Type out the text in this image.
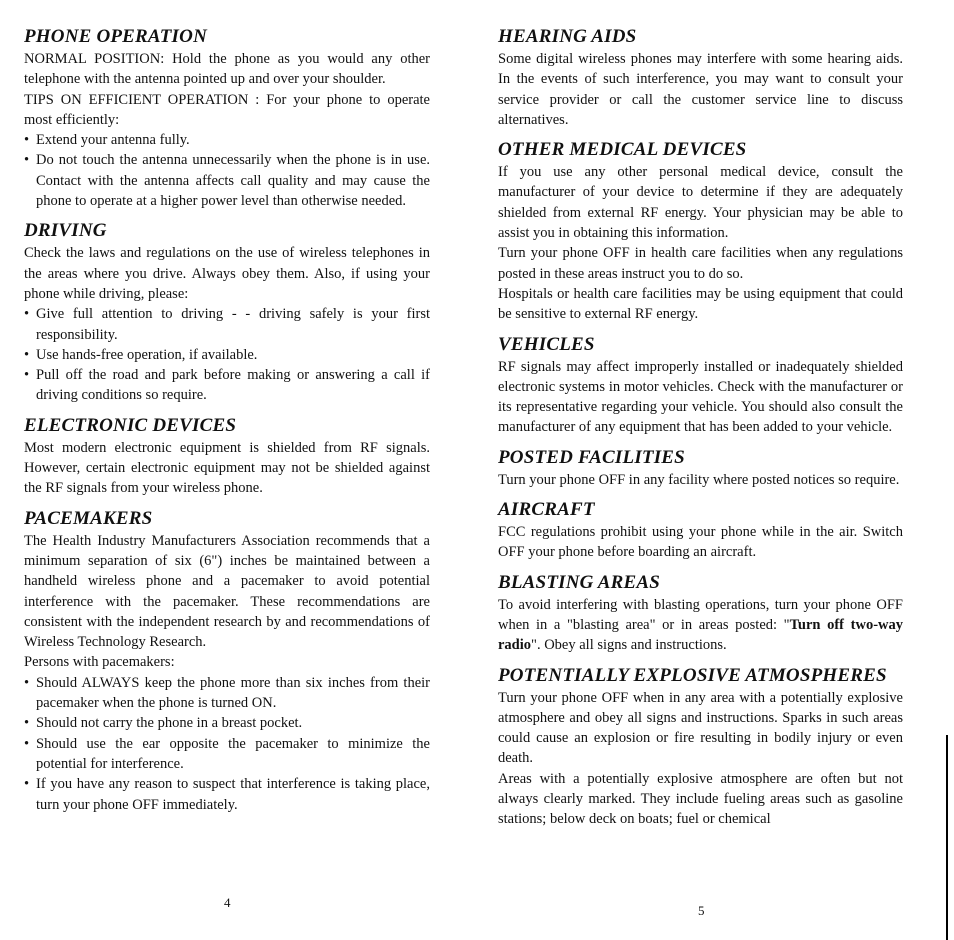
PHONE OPERATION

NORMAL POSITION: Hold the phone as you would any other telephone with the antenna pointed up and over your shoulder.

TIPS ON EFFICIENT OPERATION : For your phone to operate most efficiently:

• Extend your antenna fully.
• Do not touch the antenna unnecessarily when the phone is in use. Contact with the antenna affects call quality and may cause the phone to operate at a higher power level than otherwise needed.
DRIVING

Check the laws and regulations on the use of wireless telephones in the areas where you drive. Always obey them. Also, if using your phone while driving, please:

• Give full attention to driving - - driving safely is your first responsibility.
• Use hands-free operation, if available.
• Pull off the road and park before making or answering a call if driving conditions so require.
ELECTRONIC DEVICES

Most modern electronic equipment is shielded from RF signals. However, certain electronic equipment may not be shielded against the RF signals from your wireless phone.

PACEMAKERS

The Health Industry Manufacturers Association recommends that a minimum separation of six (6") inches be maintained between a handheld wireless phone and a pacemaker to avoid potential interference with the pacemaker. These recommendations are consistent with the independent research by and recommendations of Wireless Technology Research.

Persons with pacemakers:

• Should ALWAYS keep the phone more than six inches from their pacemaker when the phone is turned ON.
• Should not carry the phone in a breast pocket.
• Should use the ear opposite the pacemaker to minimize the potential for interference.
• If you have any reason to suspect that interference is taking place, turn your phone OFF immediately.
HEARING AIDS

Some digital wireless phones may interfere with some hearing aids. In the events of such interference, you may want to consult your service provider or call the customer service line to discuss alternatives.

OTHER MEDICAL DEVICES

If you use any other personal medical device, consult the manufacturer of your device to determine if they are adequately shielded from external RF energy. Your physician may be able to assist you in obtaining this information.

Turn your phone OFF in health care facilities when any regulations posted in these areas instruct you to do so.

Hospitals or health care facilities may be using equipment that could be sensitive to external RF energy.

VEHICLES

RF signals may affect improperly installed or inadequately shielded electronic systems in motor vehicles. Check with the manufacturer or its representative regarding your vehicle. You should also consult the manufacturer of any equipment that has been added to your vehicle.

POSTED FACILITIES

Turn your phone OFF in any facility where posted notices so require.

AIRCRAFT

FCC regulations prohibit using your phone while in the air. Switch OFF your phone before boarding an aircraft.

BLASTING AREAS

To avoid interfering with blasting operations, turn your phone OFF when in a "blasting area" or in areas posted: "Turn off two-way radio". Obey all signs and instructions.

POTENTIALLY EXPLOSIVE ATMOSPHERES

Turn your phone OFF when in any area with a potentially explosive atmosphere and obey all signs and instructions. Sparks in such areas could cause an explosion or fire resulting in bodily injury or even death.

Areas with a potentially explosive atmosphere are often but not always clearly marked. They include fueling areas such as gasoline stations; below deck on boats; fuel or chemical

4
5
